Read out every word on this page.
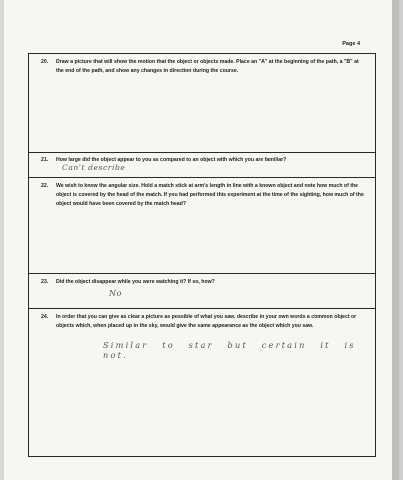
Page 4
20. Draw a picture that will show the motion that the object or objects made. Place an "A" at the beginning of the path, a "B" at the end of the path, and show any changes in direction during the course.
21. How large did the object appear to you as compared to an object with which you are familiar?
Can't describe
22. We wish to know the angular size. Hold a match stick at arm's length in line with a known object and note how much of the object is covered by the head of the match. If you had performed this experiment at the time of the sighting, how much of the object would have been covered by the match head?
23. Did the object disappear while you were watching it? If so, how?
No
24. In order that you can give as clear a picture as possible of what you saw, describe in your own words a common object or objects which, when placed up in the sky, would give the same appearance as the object which you saw.
Similar to star but certain it is not.
